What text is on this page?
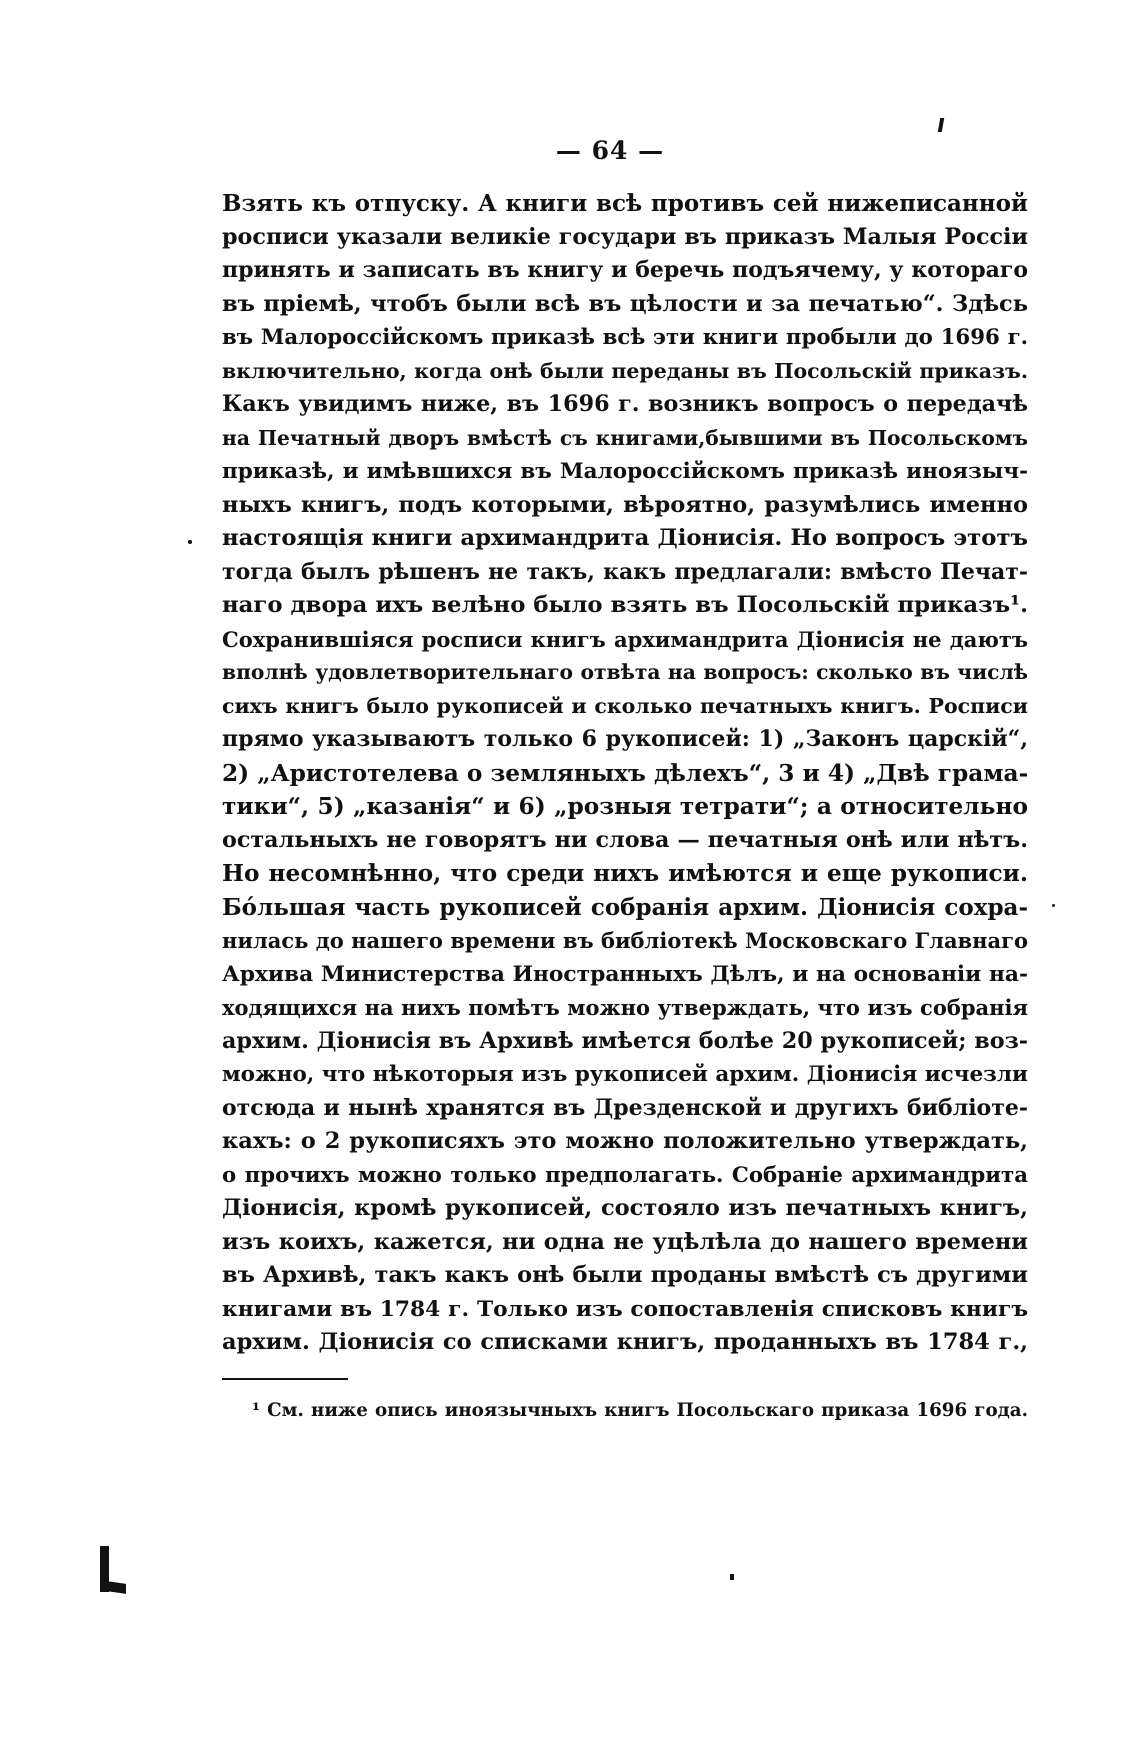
— 64 —
Взять къ отпуску. А книги всѣ противъ сей нижеписанной
росписи указали великіе государи въ приказъ Малыя Россіи
принять и записать въ книгу и беречь подъячему, у котораго
въ пріемѣ, чтобъ были всѣ въ цѣлости и за печатью“. Здѣсь
въ Малороссійскомъ приказѣ всѣ эти книги пробыли до 1696 г.
включительно, когда онѣ были переданы въ Посольскій приказъ.
Какъ увидимъ ниже, въ 1696 г. возникъ вопросъ о передачѣ
на Печатный дворъ вмѣстѣ съ книгами,бывшими въ Посольскомъ
приказѣ, и имѣвшихся въ Малороссійскомъ приказѣ иноязыч-
ныхъ книгъ, подъ которыми, вѣроятно, разумѣлись именно
настоящія книги архимандрита Діонисія. Но вопросъ этотъ
тогда былъ рѣшенъ не такъ, какъ предлагали: вмѣсто Печат-
наго двора ихъ велѣно было взять въ Посольскій приказъ¹.
Сохранившіяся росписи книгъ архимандрита Діонисія не даютъ
вполнѣ удовлетворительнаго отвѣта на вопросъ: сколько въ числѣ
сихъ книгъ было рукописей и сколько печатныхъ книгъ. Росписи
прямо указываютъ только 6 рукописей: 1) „Законъ царскій“,
2) „Аристотелева о земляныхъ дѣлехъ“, 3 и 4) „Двѣ грама-
тики“, 5) „казанія“ и 6) „розныя тетрати“; а относительно
остальныхъ не говорятъ ни слова — печатныя онѣ или нѣтъ.
Но несомнѣнно, что среди нихъ имѣются и еще рукописи.
Бо́льшая часть рукописей собранія архим. Діонисія сохра-
нилась до нашего времени въ библіотекѣ Московскаго Главнаго
Архива Министерства Иностранныхъ Дѣлъ, и на основаніи на-
ходящихся на нихъ помѣтъ можно утверждать, что изъ собранія
архим. Діонисія въ Архивѣ имѣется болѣе 20 рукописей; воз-
можно, что нѣкоторыя изъ рукописей архим. Діонисія исчезли
отсюда и нынѣ хранятся въ Дрезденской и другихъ библіоте-
кахъ: о 2 рукописяхъ это можно положительно утверждать,
о прочихъ можно только предполагать. Собраніе архимандрита
Діонисія, кромѣ рукописей, состояло изъ печатныхъ книгъ,
изъ коихъ, кажется, ни одна не уцѣлѣла до нашего времени
въ Архивѣ, такъ какъ онѣ были проданы вмѣстѣ съ другими
книгами въ 1784 г. Только изъ сопоставленія списковъ книгъ
архим. Діонисія со списками книгъ, проданныхъ въ 1784 г.,
¹ См. ниже опись иноязычныхъ книгъ Посольскаго приказа 1696 года.
